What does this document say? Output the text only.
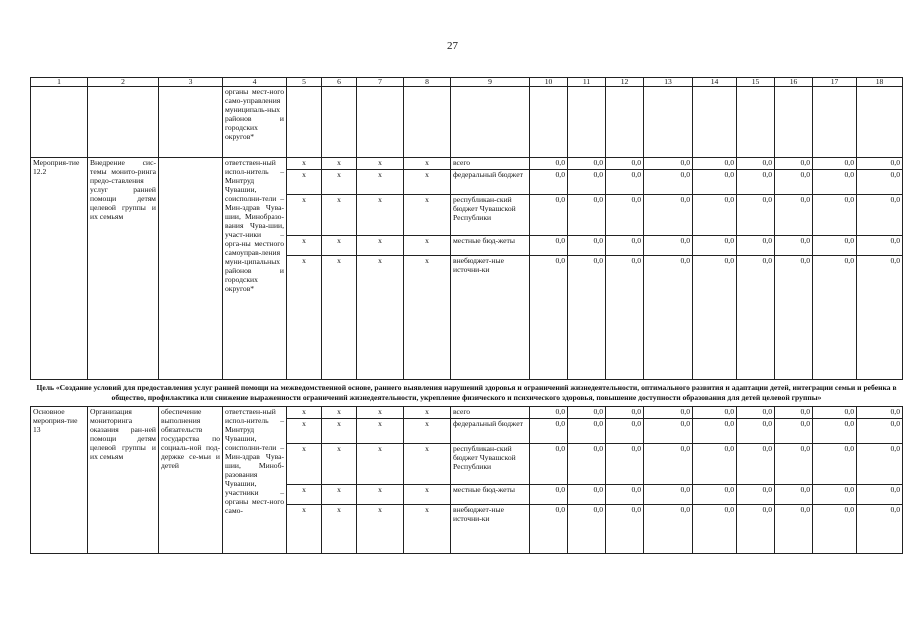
27
1	2	3	4	5	6	7	8	9	10	11	12	13	14	15	16	17	18
			органы мест-ного само-управления муниципаль-ных районов и городских округов*														
Мероприя-тие 12.2	Внедрение сис-темы монито-ринга предо-ставления услуг ранней помощи детям целевой группы и их семьям		ответствен-ный испол-нитель – Минтруд Чувашии, соисполни-тели – Мин-здрав Чува-шии, Минобразо-вания Чува-шии, участ-ники – орга-ны местного самоуправ-ления муни-ципальных районов и городских округов*	x	x	x	x	всего	0,0	0,0	0,0	0,0	0,0	0,0	0,0	0,0	0,0
				x	x	x	x	федеральный бюджет	0,0	0,0	0,0	0,0	0,0	0,0	0,0	0,0	0,0
				x	x	x	x	республикан-ский бюджет Чувашской Республики	0,0	0,0	0,0	0,0	0,0	0,0	0,0	0,0	0,0
				x	x	x	x	местные бюд-жеты	0,0	0,0	0,0	0,0	0,0	0,0	0,0	0,0	0,0
				x	x	x	x	внебюджет-ные источни-ки	0,0	0,0	0,0	0,0	0,0	0,0	0,0	0,0	0,0
Цель «Создание условий для предоставления услуг ранней помощи на межведомственной основе, раннего выявления нарушений здоровья и ограничений жизнедеятельности, оптимального развития и адаптации детей, интеграции семьи и ребенка в общество, профилактика или снижение выраженности ограничений жизнедеятельности, укрепление физического и психического здоровья, повышение доступности образования для детей целевой группы»																	
Основное мероприя-тие 13	Организация мониторинга оказания ран-ней помощи детям целевой группы и их семьям	обеспечение выполнения обязательств государства по социаль-ной под-держке се-мьи и детей	ответствен-ный испол-нитель – Минтруд Чувашии, соисполни-тели – Мин-здрав Чува-шии, Миноб-разования Чувашии, участники – органы мест-ного само-	x	x	x	x	всего	0,0	0,0	0,0	0,0	0,0	0,0	0,0	0,0	0,0
				x	x	x	x	федеральный бюджет	0,0	0,0	0,0	0,0	0,0	0,0	0,0	0,0	0,0
				x	x	x	x	республикан-ский бюджет Чувашской Республики	0,0	0,0	0,0	0,0	0,0	0,0	0,0	0,0	0,0
				x	x	x	x	местные бюд-жеты	0,0	0,0	0,0	0,0	0,0	0,0	0,0	0,0	0,0
				x	x	x	x	внебюджет-ные источни-ки	0,0	0,0	0,0	0,0	0,0	0,0	0,0	0,0	0,0
